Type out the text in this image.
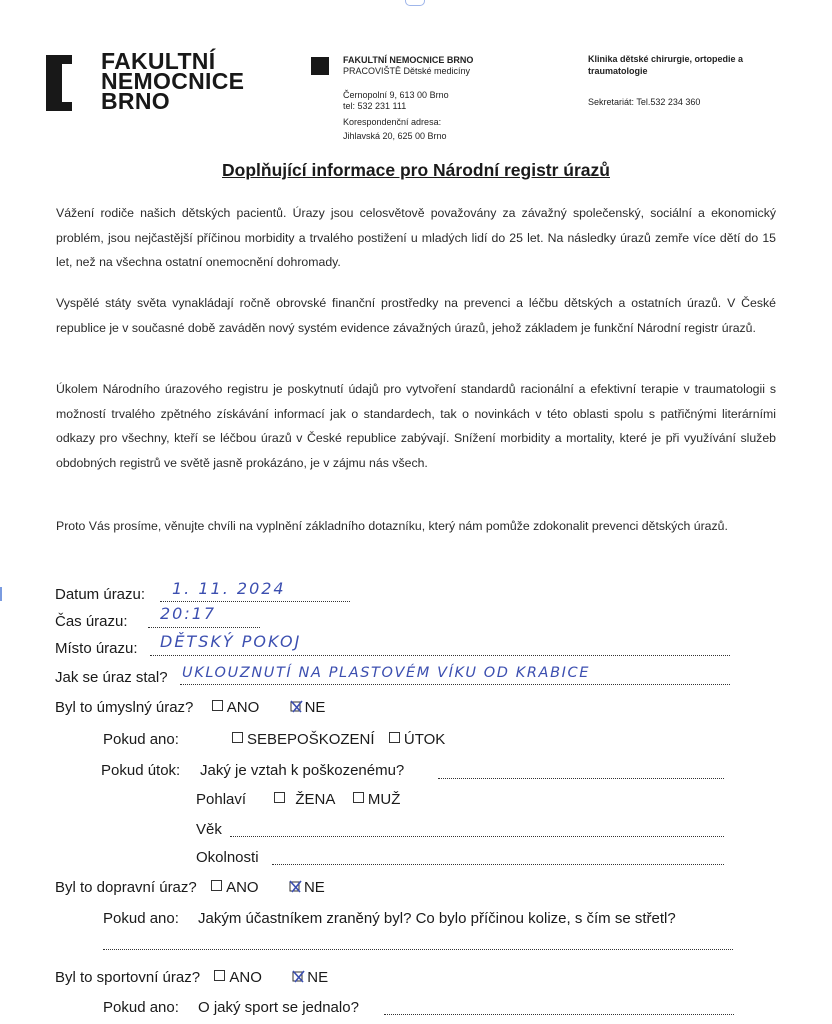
FAKULTNÍ
NEMOCNICE
BRNO
FAKULTNÍ NEMOCNICE BRNO
PRACOVIŠTĚ Dětské medicíny
Černopolní 9, 613 00 Brno
tel: 532 231 111
Korespondenční adresa:
Jihlavská 20, 625 00 Brno
Klinika dětské chirurgie, ortopedie a
traumatologie
Sekretariát: Tel.532 234 360
Doplňující informace pro Národní registr úrazů
Vážení rodiče našich dětských pacientů. Úrazy jsou celosvětově považovány za závažný společenský, sociální a ekonomický problém, jsou nejčastější příčinou morbidity a trvalého postižení u mladých lidí do 25 let. Na následky úrazů zemře více dětí do 15 let, než na všechna ostatní onemocnění dohromady.
Vyspělé státy světa vynakládají ročně obrovské finanční prostředky na prevenci a léčbu dětských a ostatních úrazů. V České republice je v současné době zaváděn nový systém evidence závažných úrazů, jehož základem je funkční Národní registr úrazů.
Úkolem Národního úrazového registru je poskytnutí údajů pro vytvoření standardů racionální a efektivní terapie v traumatologii s možností trvalého zpětného získávání informací jak o standardech, tak o novinkách v této oblasti spolu s patřičnými literárními odkazy pro všechny, kteří se léčbou úrazů v České republice zabývají. Snížení morbidity a mortality, které je při využívání služeb obdobných registrů ve světě jasně prokázáno, je v zájmu nás všech.
Proto Vás prosíme, věnujte chvíli na vyplnění základního dotazníku, který nám pomůže zdokonalit prevenci dětských úrazů.
Datum úrazu: 1. 11. 2024
Čas úrazu: 20:17
Místo úrazu: DĚTSKÝ POKOJ
Jak se úraz stal? UKLOUZNUTÍ NA PLASTOVÉM VÍKU OD KRABICE
Byl to úmyslný úraz? ANO	NE
Pokud ano:	SEBEPOŠKOZENÍ ÚTOK
Pokud útok: Jaký je vztah k poškozenému?
Pohlaví	ŽENA MUŽ
Věk
Okolnosti
Byl to dopravní úraz? ANO	NE
Pokud ano: Jakým účastníkem zraněný byl? Co bylo příčinou kolize, s čím se střetl?
Byl to sportovní úraz? ANO	NE
Pokud ano: O jaký sport se jednalo?
